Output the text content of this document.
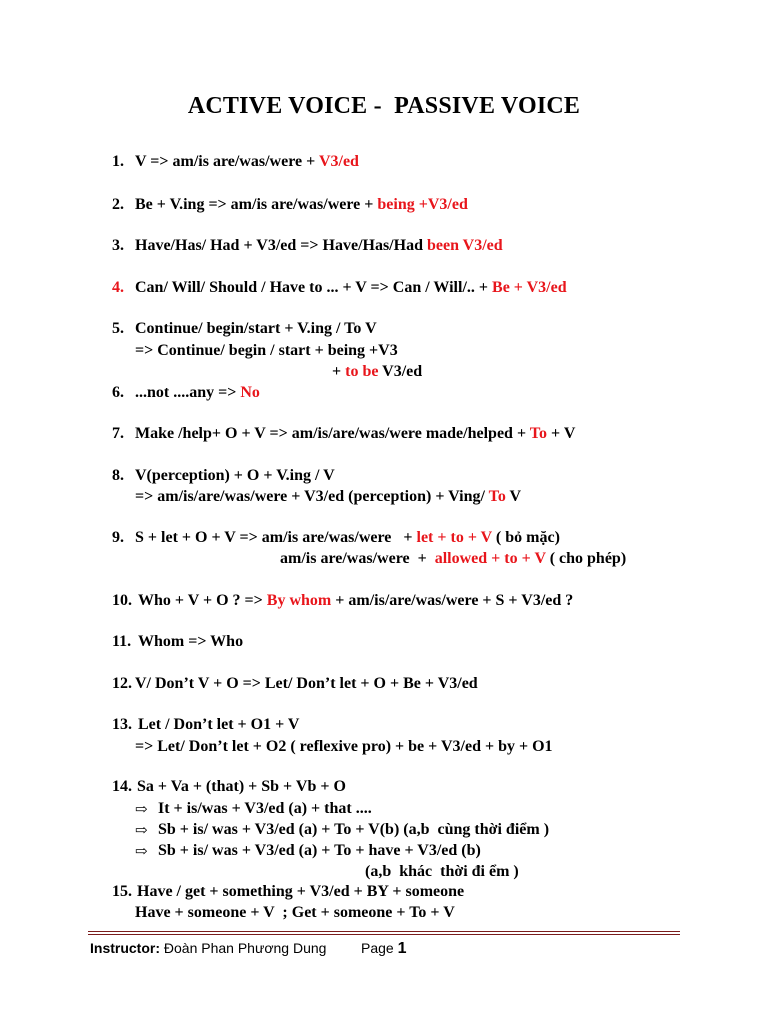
ACTIVE VOICE -  PASSIVE VOICE
1. V => am/is are/was/were + V3/ed
2. Be + V.ing => am/is are/was/were + being +V3/ed
3. Have/Has/ Had + V3/ed => Have/Has/Had been V3/ed
4. Can/ Will/ Should / Have to ... + V => Can / Will/.. + Be + V3/ed
5. Continue/ begin/start + V.ing / To V
=> Continue/ begin / start + being +V3
+ to be V3/ed
6. ...not ....any => No
7. Make /help+ O + V => am/is/are/was/were made/helped + To + V
8. V(perception) + O + V.ing / V
=> am/is/are/was/were + V3/ed (perception) + Ving/ To V
9. S + let + O + V => am/is are/was/were   + let + to + V ( bỏ mặc)
am/is are/was/were  +  allowed + to + V ( cho phép)
10. Who + V + O ? => By whom + am/is/are/was/were + S + V3/ed ?
11. Whom => Who
12. V/ Don’t V + O => Let/ Don’t let + O + Be + V3/ed
13. Let / Don’t let + O1 + V
=> Let/ Don’t let + O2 ( reflexive pro) + be + V3/ed + by + O1
14. Sa + Va + (that) + Sb + Vb + O
⇨ It + is/was + V3/ed (a) + that ....
⇨ Sb + is/ was + V3/ed (a) + To + V(b) (a,b  cùng thời điểm )
⇨ Sb + is/ was + V3/ed (a) + To + have + V3/ed (b)
(a,b  khác  thời đi ểm )
15. Have / get + something + V3/ed + BY + someone
Have + someone + V  ; Get + someone + To + V
Instructor: Đoàn Phan Phương Dung Page 1
